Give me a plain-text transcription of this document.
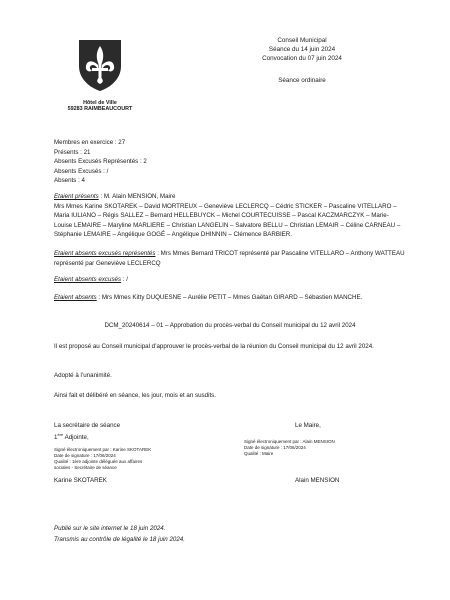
Hôtel de Ville
59283 RAIMBEAUCOURT
Conseil Municipal
Séance du 14 juin 2024
Convocation du 07 juin 2024
Séance ordinaire
Membres en exercice : 27
Présents : 21
Absents Excusés Représentés : 2
Absents Excusés : /
Absents : 4
Etaient présents : M. Alain MENSION, Maire
Mrs Mmes Karine SKOTAREK – David MORTREUX – Geneviève LECLERCQ – Cédric STICKER – Pascaline VITELLARO – Maria IULIANO – Régis SALLEZ – Bernard HELLEBUYCK – Michel COURTECUISSE – Pascal KACZMARCZYK – Marie-Louise LEMAIRE – Maryline MARLIERE – Christian LANGELIN – Salvatore BELLU – Christian LEMAIR – Céline CARNEAU – Stéphanie LEMAIRE – Angélique GOGÉ – Angélique DHINNIN – Clémence BARBIER.
Etaient absents excusés représentés : Mrs Mmes Bernard TRICOT représenté par Pascaline VITELLARO – Anthony WATTEAU représenté par Geneviève LECLERCQ
Etaient absents excusés : /
Etaient absents : Mrs Mmes Kitty DUQUESNE – Aurélie PETIT – Mmes Gaëtan GIRARD – Sébastien MANCHE.
DCM_20240614 – 01 – Approbation du procès-verbal du Conseil municipal du 12 avril 2024
Il est proposé au Conseil municipal d’approuver le procès-verbal de la réunion du Conseil municipal du 12 avril 2024.
Adopté à l’unanimité.
Ainsi fait et délibéré en séance, les jour, mois et an susdits.
La secrétaire de séance
1ère Adjointe,
Signé électroniquement par : Karine SKOTAREK
Date de signature : 17/06/2024
Qualité : 1ère adjointe déléguée aux affaires
sociales - Secrétaire de séance
Karine SKOTAREK
Le Maire,
Signé électroniquement par : Alain MENSION
Date de signature : 17/06/2024
Qualité : Maire
Alain MENSION
Publié sur le site internet le 18 juin 2024.
Transmis au contrôle de légalité le 18 juin 2024.
